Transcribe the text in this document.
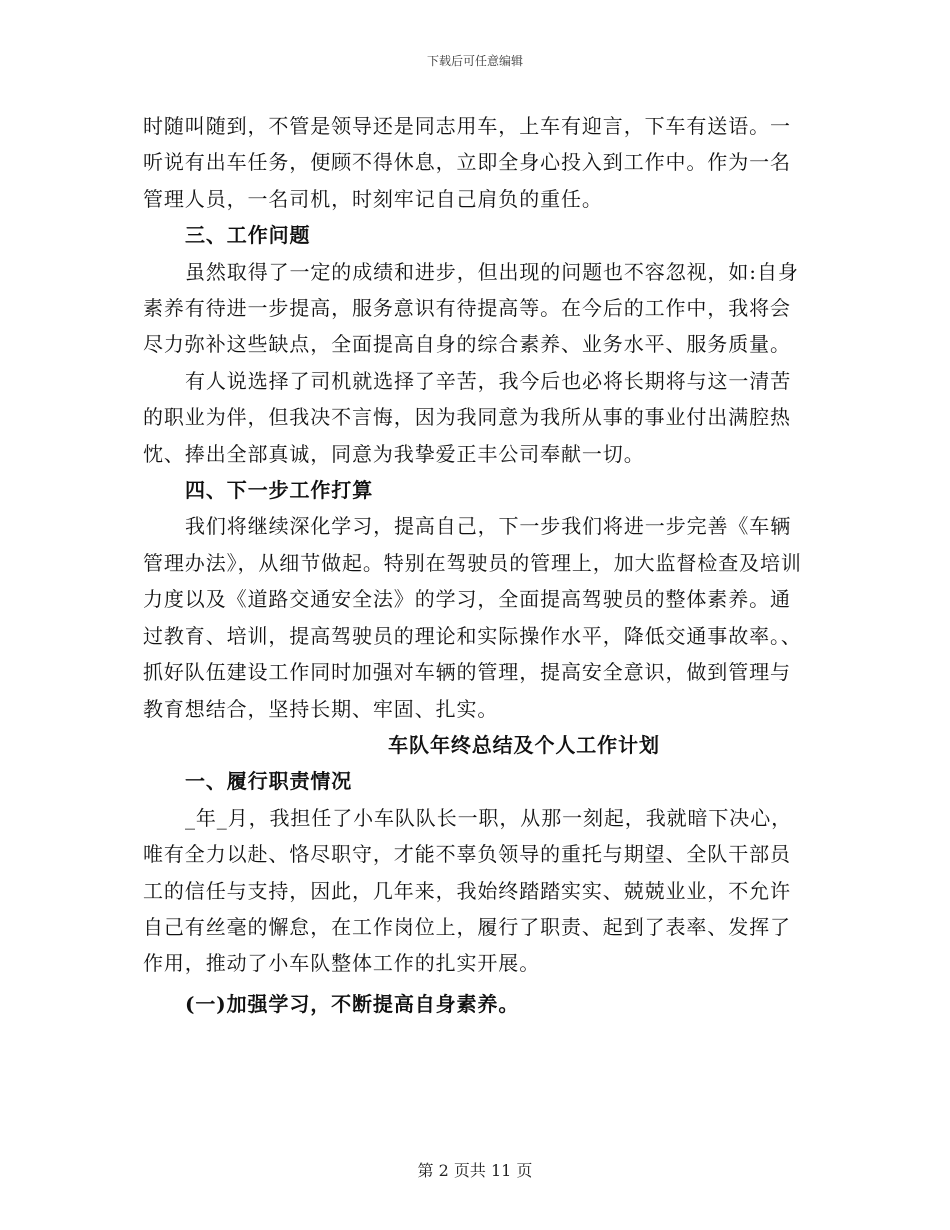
下载后可任意编辑

时随叫随到，不管是领导还是同志用车，上车有迎言，下车有送语。一听说有出车任务，便顾不得休息，立即全身心投入到工作中。作为一名管理人员，一名司机，时刻牢记自己肩负的重任。

三、工作问题

虽然取得了一定的成绩和进步，但出现的问题也不容忽视，如:自身素养有待进一步提高，服务意识有待提高等。在今后的工作中，我将会尽力弥补这些缺点，全面提高自身的综合素养、业务水平、服务质量。

有人说选择了司机就选择了辛苦，我今后也必将长期将与这一清苦的职业为伴，但我决不言悔，因为我同意为我所从事的事业付出满腔热忱、捧出全部真诚，同意为我挚爱正丰公司奉献一切。

四、下一步工作打算

我们将继续深化学习，提高自己，下一步我们将进一步完善《车辆管理办法》，从细节做起。特别在驾驶员的管理上，加大监督检查及培训力度以及《道路交通安全法》的学习，全面提高驾驶员的整体素养。通过教育、培训，提高驾驶员的理论和实际操作水平，降低交通事故率。、抓好队伍建设工作同时加强对车辆的管理，提高安全意识，做到管理与教育想结合，坚持长期、牢固、扎实。

车队年终总结及个人工作计划

一、履行职责情况

_年_月，我担任了小车队队长一职，从那一刻起，我就暗下决心，唯有全力以赴、恪尽职守，才能不辜负领导的重托与期望、全队干部员工的信任与支持，因此，几年来，我始终踏踏实实、兢兢业业，不允许自己有丝毫的懈怠，在工作岗位上，履行了职责、起到了表率、发挥了作用，推动了小车队整体工作的扎实开展。

(一)加强学习，不断提高自身素养。

第 2 页共 11 页
